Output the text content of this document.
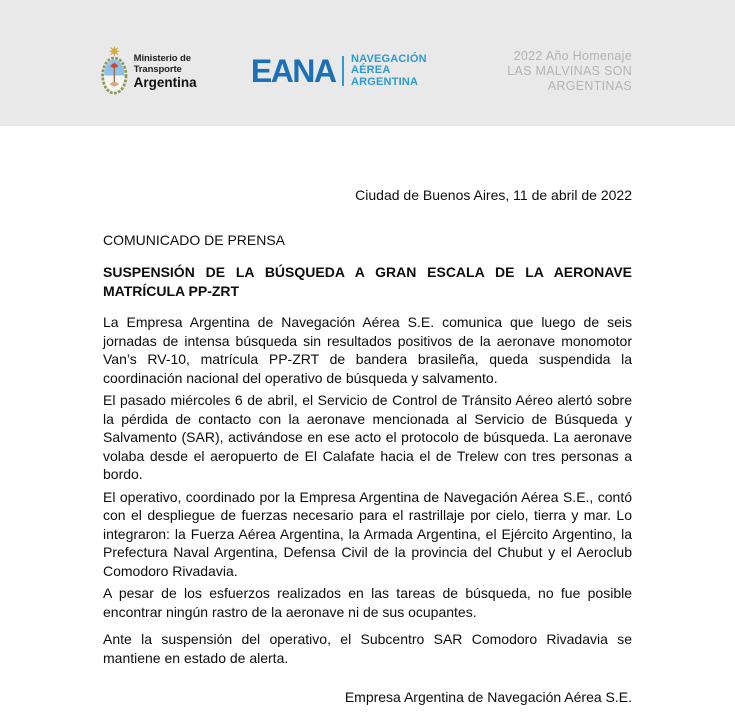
Ministerio de Transporte
Argentina	EANA NAVEGACIÓN
AÉREA ARGENTINA
2022 Año Homenaje
LAS MALVINAS SON ARGENTINAS

Ciudad de Buenos Aires, 11 de abril de 2022

COMUNICADO DE PRENSA

SUSPENSIÓN DE LA BÚSQUEDA A GRAN ESCALA DE LA AERONAVE MATRÍCULA PP-ZRT

La Empresa Argentina de Navegación Aérea S.E. comunica que luego de seis jornadas de intensa búsqueda sin resultados positivos de la aeronave monomotor Van’s RV-10, matrícula PP-ZRT de bandera brasileña, queda suspendida la coordinación nacional del operativo de búsqueda y salvamento.

El pasado miércoles 6 de abril, el Servicio de Control de Tránsito Aéreo alertó sobre la pérdida de contacto con la aeronave mencionada al Servicio de Búsqueda y Salvamento (SAR), activándose en ese acto el protocolo de búsqueda. La aeronave volaba desde el aeropuerto de El Calafate hacia el de Trelew con tres personas a bordo.

El operativo, coordinado por la Empresa Argentina de Navegación Aérea S.E., contó con el despliegue de fuerzas necesario para el rastrillaje por cielo, tierra y mar. Lo integraron: la Fuerza Aérea Argentina, la Armada Argentina, el Ejército Argentino, la Prefectura Naval Argentina, Defensa Civil de la provincia del Chubut y el Aeroclub Comodoro Rivadavia.

A pesar de los esfuerzos realizados en las tareas de búsqueda, no fue posible encontrar ningún rastro de la aeronave ni de sus ocupantes.

Ante la suspensión del operativo, el Subcentro SAR Comodoro Rivadavia se mantiene en estado de alerta.

Empresa Argentina de Navegación Aérea S.E.
